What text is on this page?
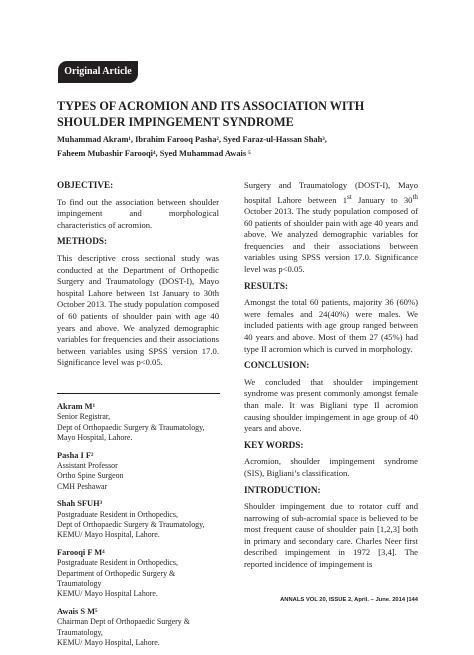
Original Article
TYPES OF ACROMION AND ITS ASSOCIATION WITH SHOULDER IMPINGEMENT SYNDROME
Muhammad Akram¹, Ibrahim Farooq Pasha², Syed Faraz-ul-Hassan Shah³,
Faheem Mubashir Farooqi⁴, Syed Muhammad Awais ⁵
OBJECTIVE:

To find out the association between shoulder impingement and morphological characteristics of acromion.

METHODS:

This descriptive cross sectional study was conducted at the Department of Orthopedic Surgery and Traumatology (DOST-I), Mayo hospital Lahore between 1st January to 30th October 2013. The study population composed of 60 patients of shoulder pain with age 40 years and above. We analyzed demographic variables for frequencies and their associations between variables using SPSS version 17.0. Significance level was p<0.05.

Akram M¹
Senior Registrar,
Dept of Orthopaedic Surgery & Traumatology,
Mayo Hospital, Lahore.
Pasha I F²
Assistant Professor
Ortho Spine Surgeon
CMH Peshawar
Shah SFUH³
Postgraduate Resident in Orthopedics,
Dept of Orthopaedic Surgery & Traumatology,
KEMU/ Mayo Hospital, Lahore.
Farooqi F M⁴
Postgraduate Resident in Orthopedics,
Department of Orthopedic Surgery & Traumatology
KEMU/ Mayo Hospital Lahore.
Awais S M⁵
Chairman Dept of Orthopaedic Surgery & Traumatology,
KEMU/ Mayo Hospital, Lahore.

Surgery and Traumatology (DOST-I), Mayo hospital Lahore between 1st January to 30th October 2013. The study population composed of 60 patients of shoulder pain with age 40 years and above. We analyzed demographic variables for frequencies and their associations between variables using SPSS version 17.0. Significance level was p<0.05.

RESULTS:

Amongst the total 60 patients, majority 36 (60%) were females and 24(40%) were males. We included patients with age group ranged between 40 years and above. Most of them 27 (45%) had type II acromion which is curved in morphology.

CONCLUSION:

We concluded that shoulder impingement syndrome was present commonly amongst female than male. It was Bigliani type II acromion causing shoulder impingement in age group of 40 years and above.

KEY WORDS:

Acromion, shoulder impingement syndrome (SIS), Bigliani’s classification.

INTRODUCTION:

Shoulder impingement due to rotator cuff and narrowing of sub-acromial space is believed to be most frequent cause of shoulder pain [1,2,3] both in primary and secondary care. Charles Neer first described impingement in 1972 [3,4]. The reported incidence of impingement is

ANNALS VOL 20, ISSUE 2, April. – June. 2014 |144
